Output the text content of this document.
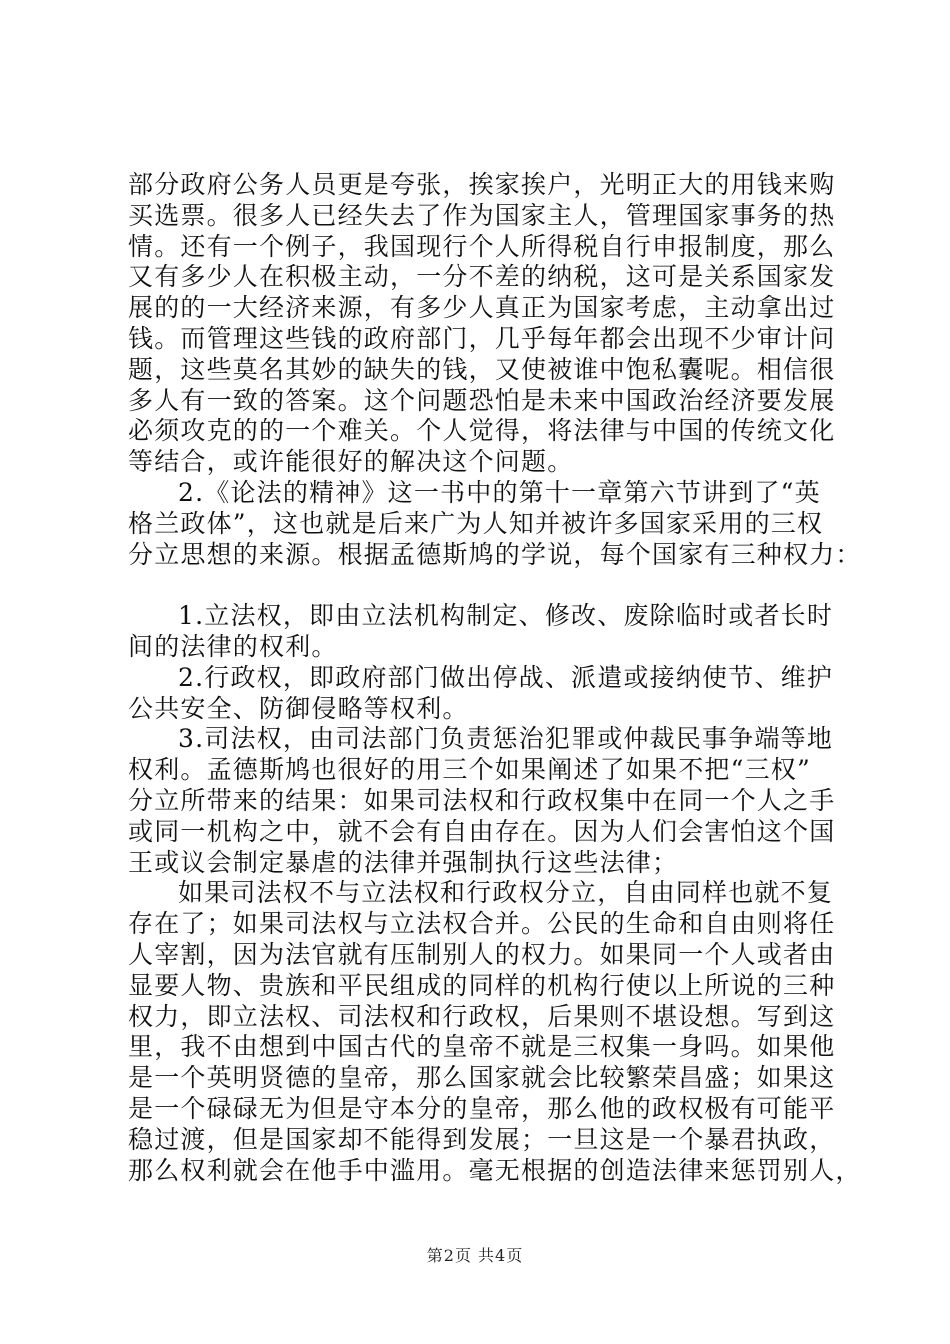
部分政府公务人员更是夸张，挨家挨户，光明正大的用钱来购
买选票。很多人已经失去了作为国家主人，管理国家事务的热
情。还有一个例子，我国现行个人所得税自行申报制度，那么
又有多少人在积极主动，一分不差的纳税，这可是关系国家发
展的的一大经济来源，有多少人真正为国家考虑，主动拿出过
钱。而管理这些钱的政府部门，几乎每年都会出现不少审计问
题，这些莫名其妙的缺失的钱，又使被谁中饱私囊呢。相信很
多人有一致的答案。这个问题恐怕是未来中国政治经济要发展
必须攻克的的一个难关。个人觉得，将法律与中国的传统文化
等结合，或许能很好的解决这个问题。
2.《论法的精神》这一书中的第十一章第六节讲到了“英
格兰政体”，这也就是后来广为人知并被许多国家采用的三权
分立思想的来源。根据孟德斯鸠的学说，每个国家有三种权力：
1.立法权，即由立法机构制定、修改、废除临时或者长时
间的法律的权利。
2.行政权，即政府部门做出停战、派遣或接纳使节、维护
公共安全、防御侵略等权利。
3.司法权，由司法部门负责惩治犯罪或仲裁民事争端等地
权利。孟德斯鸠也很好的用三个如果阐述了如果不把“三权”
分立所带来的结果：如果司法权和行政权集中在同一个人之手
或同一机构之中，就不会有自由存在。因为人们会害怕这个国
王或议会制定暴虐的法律并强制执行这些法律；
如果司法权不与立法权和行政权分立，自由同样也就不复
存在了；如果司法权与立法权合并。公民的生命和自由则将任
人宰割，因为法官就有压制别人的权力。如果同一个人或者由
显要人物、贵族和平民组成的同样的机构行使以上所说的三种
权力，即立法权、司法权和行政权，后果则不堪设想。写到这
里，我不由想到中国古代的皇帝不就是三权集一身吗。如果他
是一个英明贤德的皇帝，那么国家就会比较繁荣昌盛；如果这
是一个碌碌无为但是守本分的皇帝，那么他的政权极有可能平
稳过渡，但是国家却不能得到发展；一旦这是一个暴君执政，
那么权利就会在他手中滥用。毫无根据的创造法律来惩罚别人，
第2页 共4页
